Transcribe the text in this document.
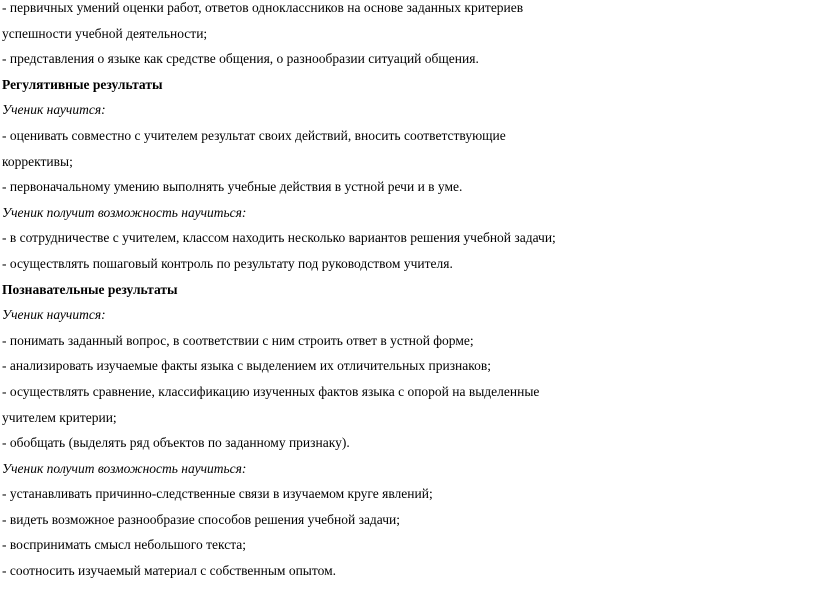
- первичных умений оценки работ, ответов одноклассников на основе заданных критериев

успешности учебной деятельности;

- представления о языке как средстве общения, о разнообразии ситуаций общения.

Регулятивные результаты

Ученик научится:

- оценивать совместно с учителем результат своих действий, вносить соответствующие

коррективы;

- первоначальному умению выполнять учебные действия в устной речи и в уме.

Ученик получит возможность научиться:

- в сотрудничестве с учителем, классом находить несколько вариантов решения учебной задачи;

- осуществлять пошаговый контроль по результату под руководством учителя.

Познавательные результаты

Ученик научится:

- понимать заданный вопрос, в соответствии с ним строить ответ в устной форме;

- анализировать изучаемые факты языка с выделением их отличительных признаков;

- осуществлять сравнение, классификацию изученных фактов языка с опорой на выделенные

учителем критерии;

- обобщать (выделять ряд объектов по заданному признаку).

Ученик получит возможность научиться:

- устанавливать причинно-следственные связи в изучаемом круге явлений;

- видеть возможное разнообразие способов решения учебной задачи;

- воспринимать смысл небольшого текста;

- соотносить изучаемый материал с собственным опытом.
